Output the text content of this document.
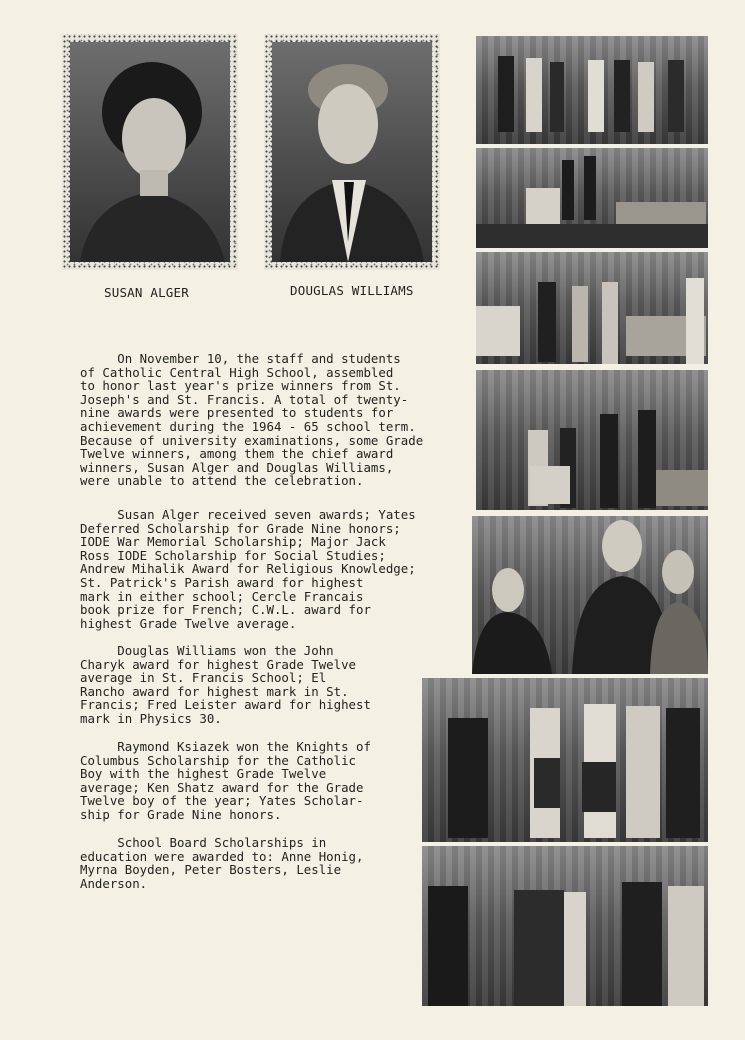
SUSAN ALGER	DOUGLAS WILLIAMS
On November 10, the staff and students
of Catholic Central High School, assembled
to honor last year's prize winners from St.
Joseph's and St. Francis. A total of twenty-
nine awards were presented to students for
achievement during the 1964 - 65 school term.
Because of university examinations, some Grade
Twelve winners, among them the chief award
winners, Susan Alger and Douglas Williams,
were unable to attend the celebration.
Susan Alger received seven awards; Yates
Deferred Scholarship for Grade Nine honors;
IODE War Memorial Scholarship; Major Jack
Ross IODE Scholarship for Social Studies;
Andrew Mihalik Award for Religious Knowledge;
St. Patrick's Parish award for highest
mark in either school; Cercle Francais
book prize for French; C.W.L. award for
highest Grade Twelve average.
Douglas Williams won the John
Charyk award for highest Grade Twelve
average in St. Francis School; El
Rancho award for highest mark in St.
Francis; Fred Leister award for highest
mark in Physics 30.
Raymond Ksiazek won the Knights of
Columbus Scholarship for the Catholic
Boy with the highest Grade Twelve
average; Ken Shatz award for the Grade
Twelve boy of the year; Yates Scholar-
ship for Grade Nine honors.
School Board Scholarships in
education were awarded to: Anne Honig,
Myrna Boyden, Peter Bosters, Leslie
Anderson.
